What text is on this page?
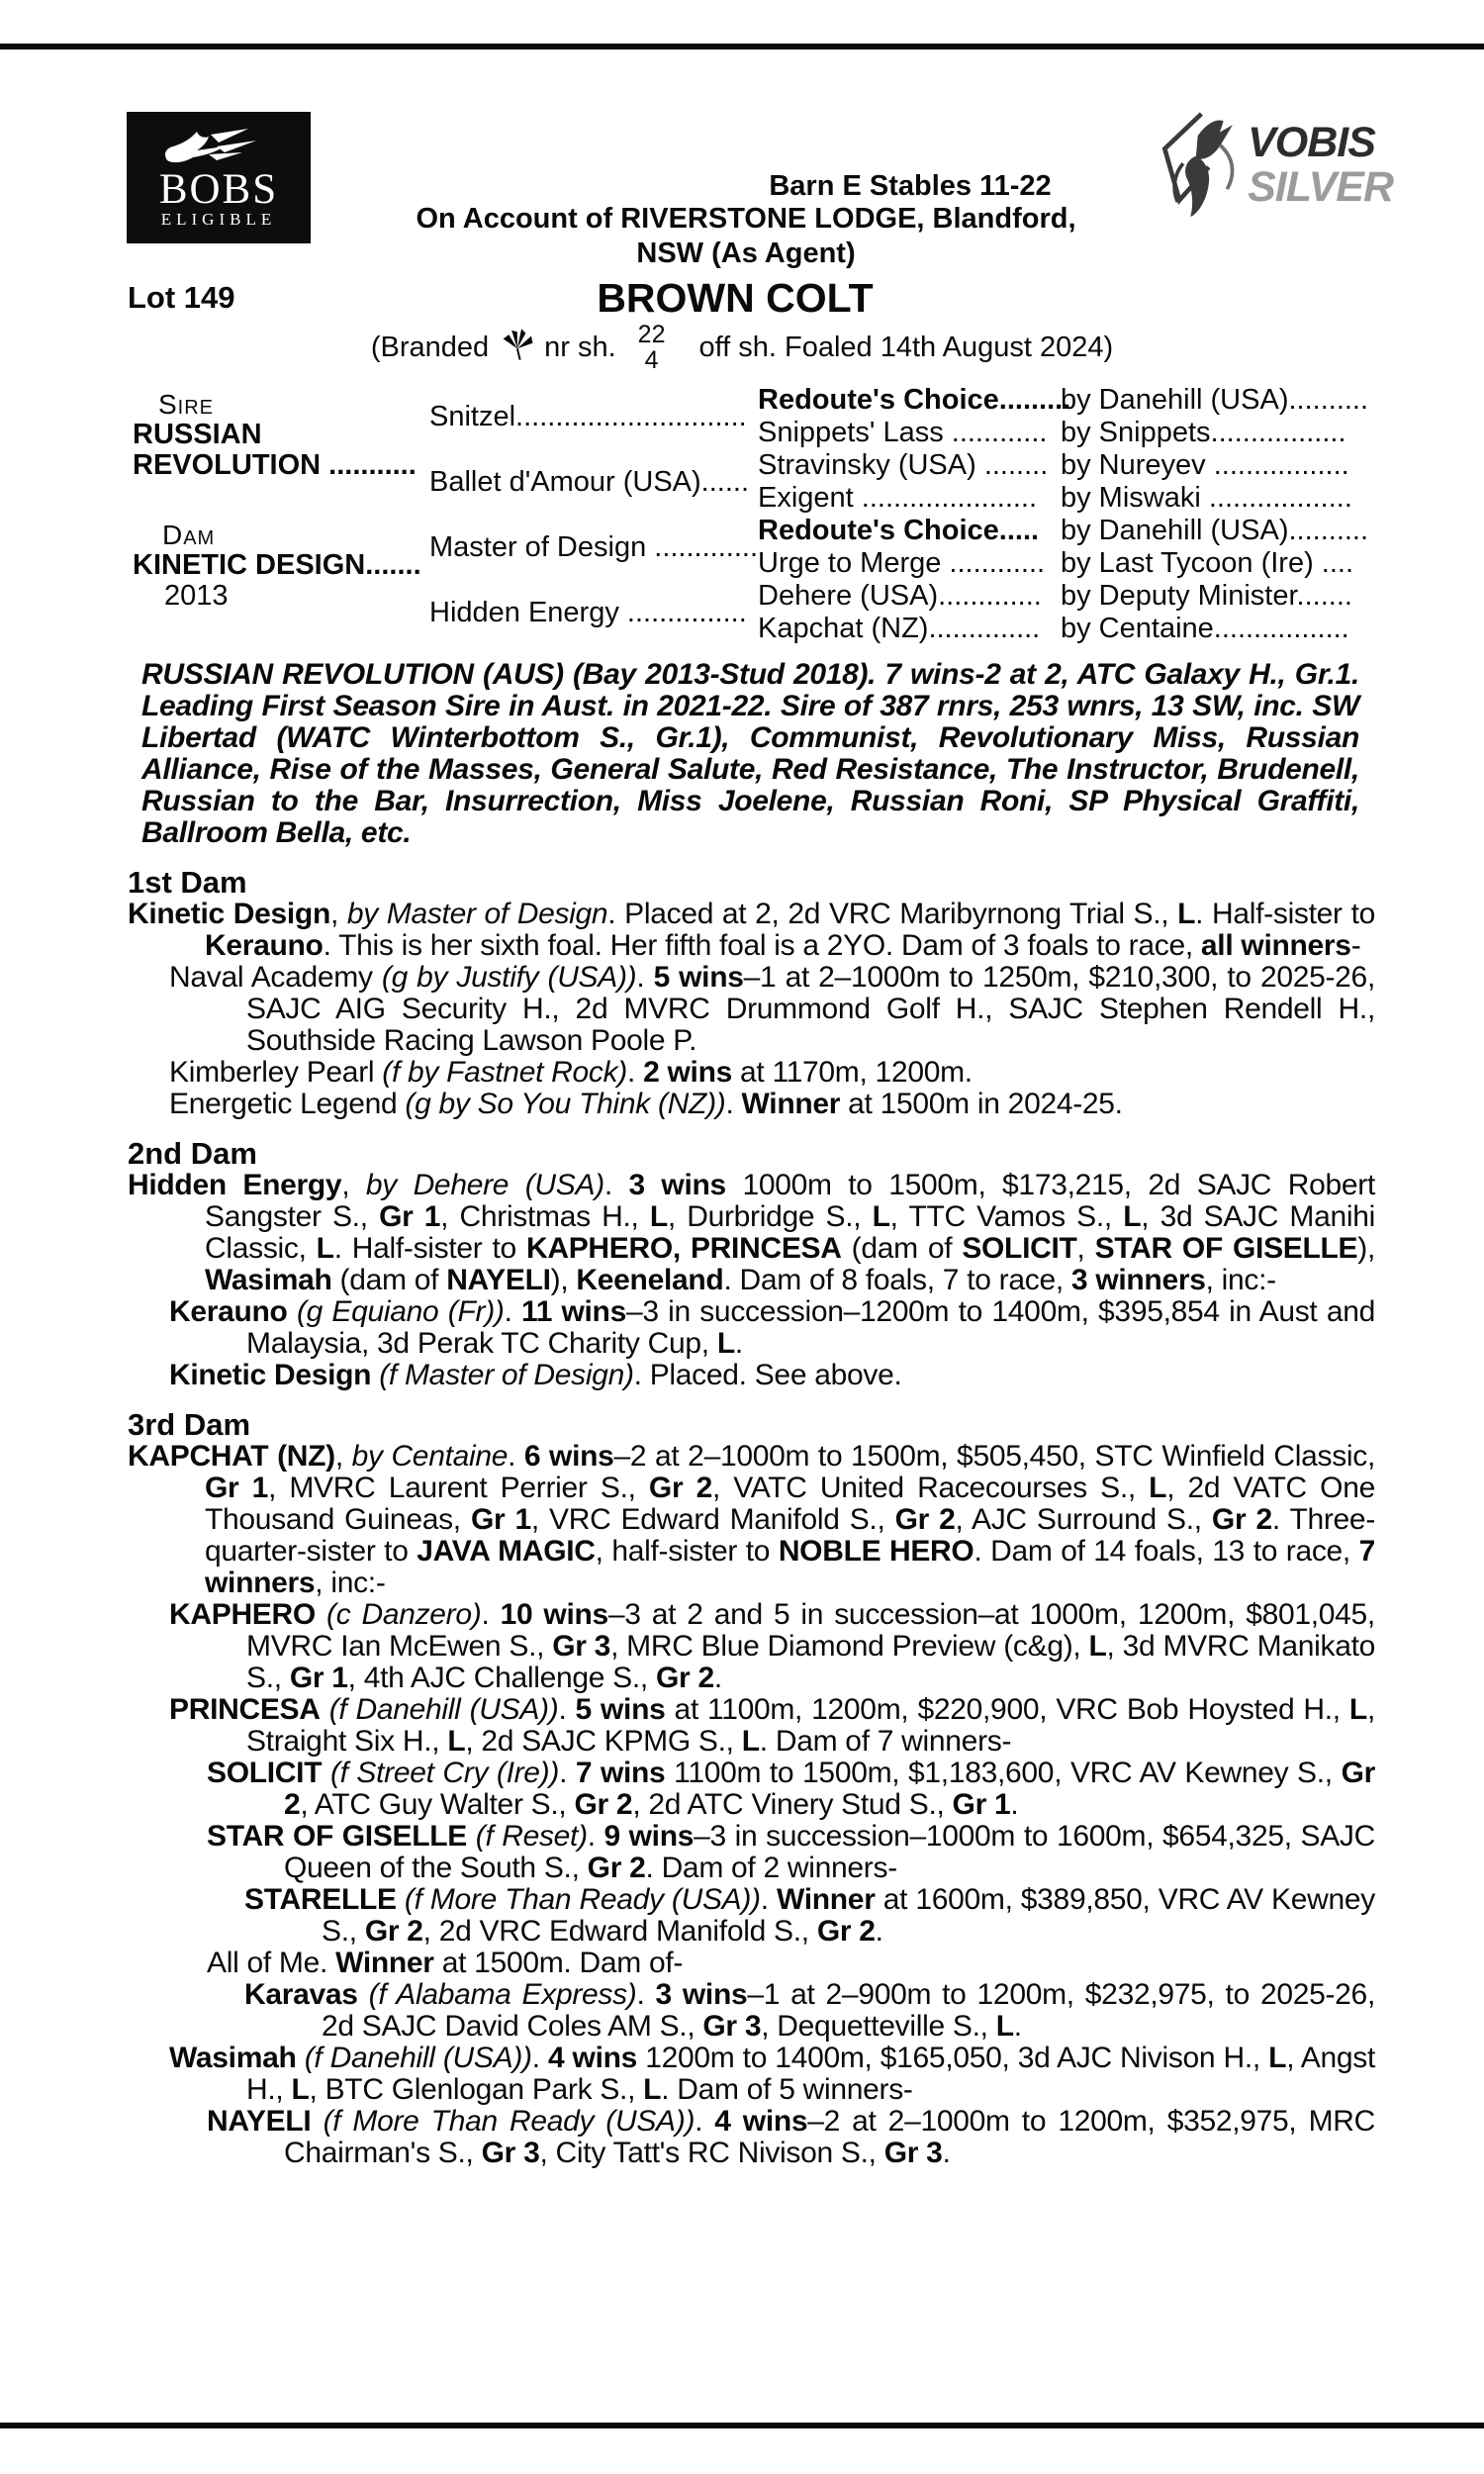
BOBS
ELIGIBLE
VOBIS
SILVER
Barn E Stables 11-22
On Account of RIVERSTONE LODGE, Blandford,
NSW (As Agent)
Lot 149	BROWN COLT
(Branded nr sh. 22
4 off sh. Foaled 14th August 2024)
Sire
RUSSIAN
REVOLUTION ...........
Dam
KINETIC DESIGN.......
2013
Snitzel.............................
Ballet d'Amour (USA)......
Master of Design .............
Hidden Energy ...............
Redoute's Choice.........
Snippets' Lass ............
Stravinsky (USA) ........
Exigent ......................
Redoute's Choice.....
Urge to Merge ............
Dehere (USA).............
Kapchat (NZ)..............
by Danehill (USA)..........
by Snippets.................
by Nureyev .................
by Miswaki ..................
by Danehill (USA)..........
by Last Tycoon (Ire) ....
by Deputy Minister.......
by Centaine.................

RUSSIAN REVOLUTION (AUS) (Bay 2013-Stud 2018). 7 wins-2 at 2, ATC Galaxy H., Gr.1. Leading First Season Sire in Aust. in 2021-22. Sire of 387 rnrs, 253 wnrs, 13 SW, inc. SW Libertad (WATC Winterbottom S., Gr.1), Communist, Revolutionary Miss, Russian Alliance, Rise of the Masses, General Salute, Red Resistance, The Instructor, Brudenell, Russian to the Bar, Insurrection, Miss Joelene, Russian Roni, SP Physical Graffiti, Ballroom Bella, etc.

1st Dam

Kinetic Design, by Master of Design. Placed at 2, 2d VRC Maribyrnong Trial S., L. Half-sister to Kerauno. This is her sixth foal. Her fifth foal is a 2YO. Dam of 3 foals to race, all winners-

Naval Academy (g by Justify (USA)). 5 wins–1 at 2–1000m to 1250m, $210,300, to 2025-26, SAJC AIG Security H., 2d MVRC Drummond Golf H., SAJC Stephen Rendell H., Southside Racing Lawson Poole P.

Kimberley Pearl (f by Fastnet Rock). 2 wins at 1170m, 1200m.

Energetic Legend (g by So You Think (NZ)). Winner at 1500m in 2024-25.

2nd Dam

Hidden Energy, by Dehere (USA). 3 wins 1000m to 1500m, $173,215, 2d SAJC Robert Sangster S., Gr 1, Christmas H., L, Durbridge S., L, TTC Vamos S., L, 3d SAJC Manihi Classic, L. Half-sister to KAPHERO, PRINCESA (dam of SOLICIT, STAR OF GISELLE), Wasimah (dam of NAYELI), Keeneland. Dam of 8 foals, 7 to race, 3 winners, inc:-

Kerauno (g Equiano (Fr)). 11 wins–3 in succession–1200m to 1400m, $395,854 in Aust and Malaysia, 3d Perak TC Charity Cup, L.

Kinetic Design (f Master of Design). Placed. See above.

3rd Dam

KAPCHAT (NZ), by Centaine. 6 wins–2 at 2–1000m to 1500m, $505,450, STC Winfield Classic, Gr 1, MVRC Laurent Perrier S., Gr 2, VATC United Racecourses S., L, 2d VATC One Thousand Guineas, Gr 1, VRC Edward Manifold S., Gr 2, AJC Surround S., Gr 2. Three-quarter-sister to JAVA MAGIC, half-sister to NOBLE HERO. Dam of 14 foals, 13 to race, 7 winners, inc:-

KAPHERO (c Danzero). 10 wins–3 at 2 and 5 in succession–at 1000m, 1200m, $801,045, MVRC Ian McEwen S., Gr 3, MRC Blue Diamond Preview (c&g), L, 3d MVRC Manikato S., Gr 1, 4th AJC Challenge S., Gr 2.

PRINCESA (f Danehill (USA)). 5 wins at 1100m, 1200m, $220,900, VRC Bob Hoysted H., L, Straight Six H., L, 2d SAJC KPMG S., L. Dam of 7 winners-

SOLICIT (f Street Cry (Ire)). 7 wins 1100m to 1500m, $1,183,600, VRC AV Kewney S., Gr 2, ATC Guy Walter S., Gr 2, 2d ATC Vinery Stud S., Gr 1.

STAR OF GISELLE (f Reset). 9 wins–3 in succession–1000m to 1600m, $654,325, SAJC Queen of the South S., Gr 2. Dam of 2 winners-

STARELLE (f More Than Ready (USA)). Winner at 1600m, $389,850, VRC AV Kewney S., Gr 2, 2d VRC Edward Manifold S., Gr 2.

All of Me. Winner at 1500m. Dam of-

Karavas (f Alabama Express). 3 wins–1 at 2–900m to 1200m, $232,975, to 2025-26, 2d SAJC David Coles AM S., Gr 3, Dequetteville S., L.

Wasimah (f Danehill (USA)). 4 wins 1200m to 1400m, $165,050, 3d AJC Nivison H., L, Angst H., L, BTC Glenlogan Park S., L. Dam of 5 winners-

NAYELI (f More Than Ready (USA)). 4 wins–2 at 2–1000m to 1200m, $352,975, MRC Chairman's S., Gr 3, City Tatt's RC Nivison S., Gr 3.
